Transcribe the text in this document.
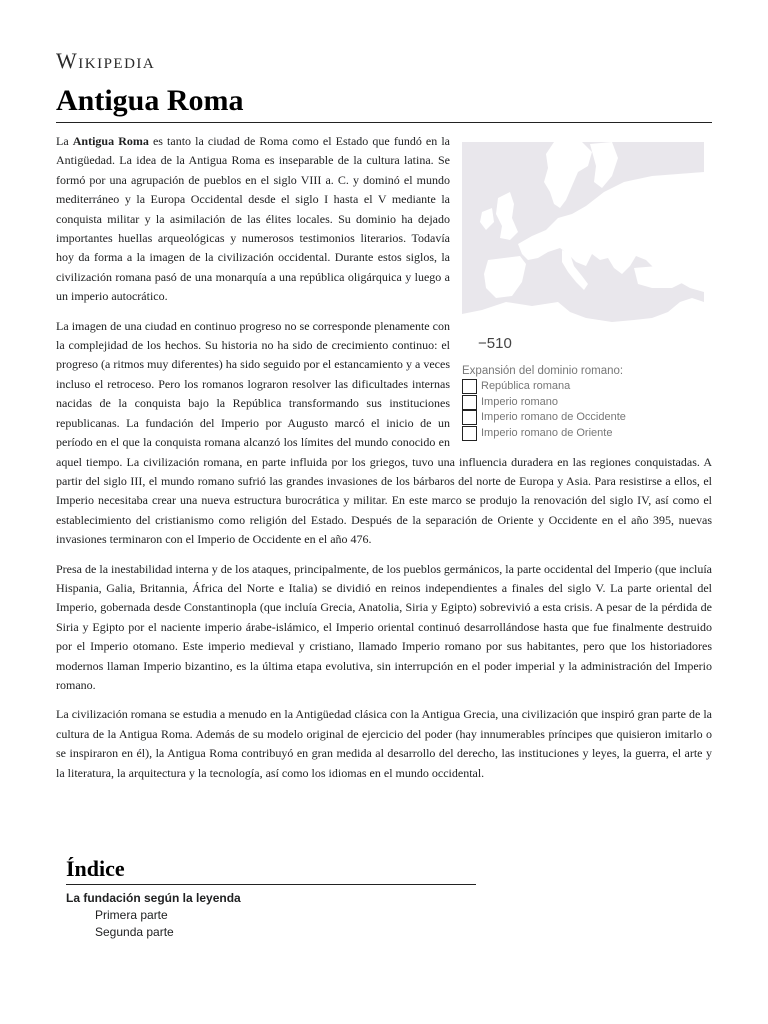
Wikipedia
Antigua Roma
−510
Expansión del dominio romano:
República romana
Imperio romano
Imperio romano de Occidente
Imperio romano de Oriente

La Antigua Roma es tanto la ciudad de Roma como el Estado que fundó en la Antigüedad. La idea de la Antigua Roma es inseparable de la cultura latina. Se formó por una agrupación de pueblos en el siglo VIII a. C. y dominó el mundo mediterráneo y la Europa Occidental desde el siglo I hasta el V mediante la conquista militar y la asimilación de las élites locales. Su dominio ha dejado importantes huellas arqueológicas y numerosos testimonios literarios. Todavía hoy da forma a la imagen de la civilización occidental. Durante estos siglos, la civilización romana pasó de una monarquía a una república oligárquica y luego a un imperio autocrático.

La imagen de una ciudad en continuo progreso no se corresponde plenamente con la complejidad de los hechos. Su historia no ha sido de crecimiento continuo: el progreso (a ritmos muy diferentes) ha sido seguido por el estancamiento y a veces incluso el retroceso. Pero los romanos lograron resolver las dificultades internas nacidas de la conquista bajo la República transformando sus instituciones republicanas. La fundación del Imperio por Augusto marcó el inicio de un período en el que la conquista romana alcanzó los límites del mundo conocido en aquel tiempo. La civilización romana, en parte influida por los griegos, tuvo una influencia duradera en las regiones conquistadas. A partir del siglo III, el mundo romano sufrió las grandes invasiones de los bárbaros del norte de Europa y Asia. Para resistirse a ellos, el Imperio necesitaba crear una nueva estructura burocrática y militar. En este marco se produjo la renovación del siglo IV, así como el establecimiento del cristianismo como religión del Estado. Después de la separación de Oriente y Occidente en el año 395, nuevas invasiones terminaron con el Imperio de Occidente en el año 476.

Presa de la inestabilidad interna y de los ataques, principalmente, de los pueblos germánicos, la parte occidental del Imperio (que incluía Hispania, Galia, Britannia, África del Norte e Italia) se dividió en reinos independientes a finales del siglo V. La parte oriental del Imperio, gobernada desde Constantinopla (que incluía Grecia, Anatolia, Siria y Egipto) sobrevivió a esta crisis. A pesar de la pérdida de Siria y Egipto por el naciente imperio árabe-islámico, el Imperio oriental continuó desarrollándose hasta que fue finalmente destruido por el Imperio otomano. Este imperio medieval y cristiano, llamado Imperio romano por sus habitantes, pero que los historiadores modernos llaman Imperio bizantino, es la última etapa evolutiva, sin interrupción en el poder imperial y la administración del Imperio romano.

La civilización romana se estudia a menudo en la Antigüedad clásica con la Antigua Grecia, una civilización que inspiró gran parte de la cultura de la Antigua Roma. Además de su modelo original de ejercicio del poder (hay innumerables príncipes que quisieron imitarlo o se inspiraron en él), la Antigua Roma contribuyó en gran medida al desarrollo del derecho, las instituciones y leyes, la guerra, el arte y la literatura, la arquitectura y la tecnología, así como los idiomas en el mundo occidental.

Índice
La fundación según la leyenda
Primera parte
Segunda parte
